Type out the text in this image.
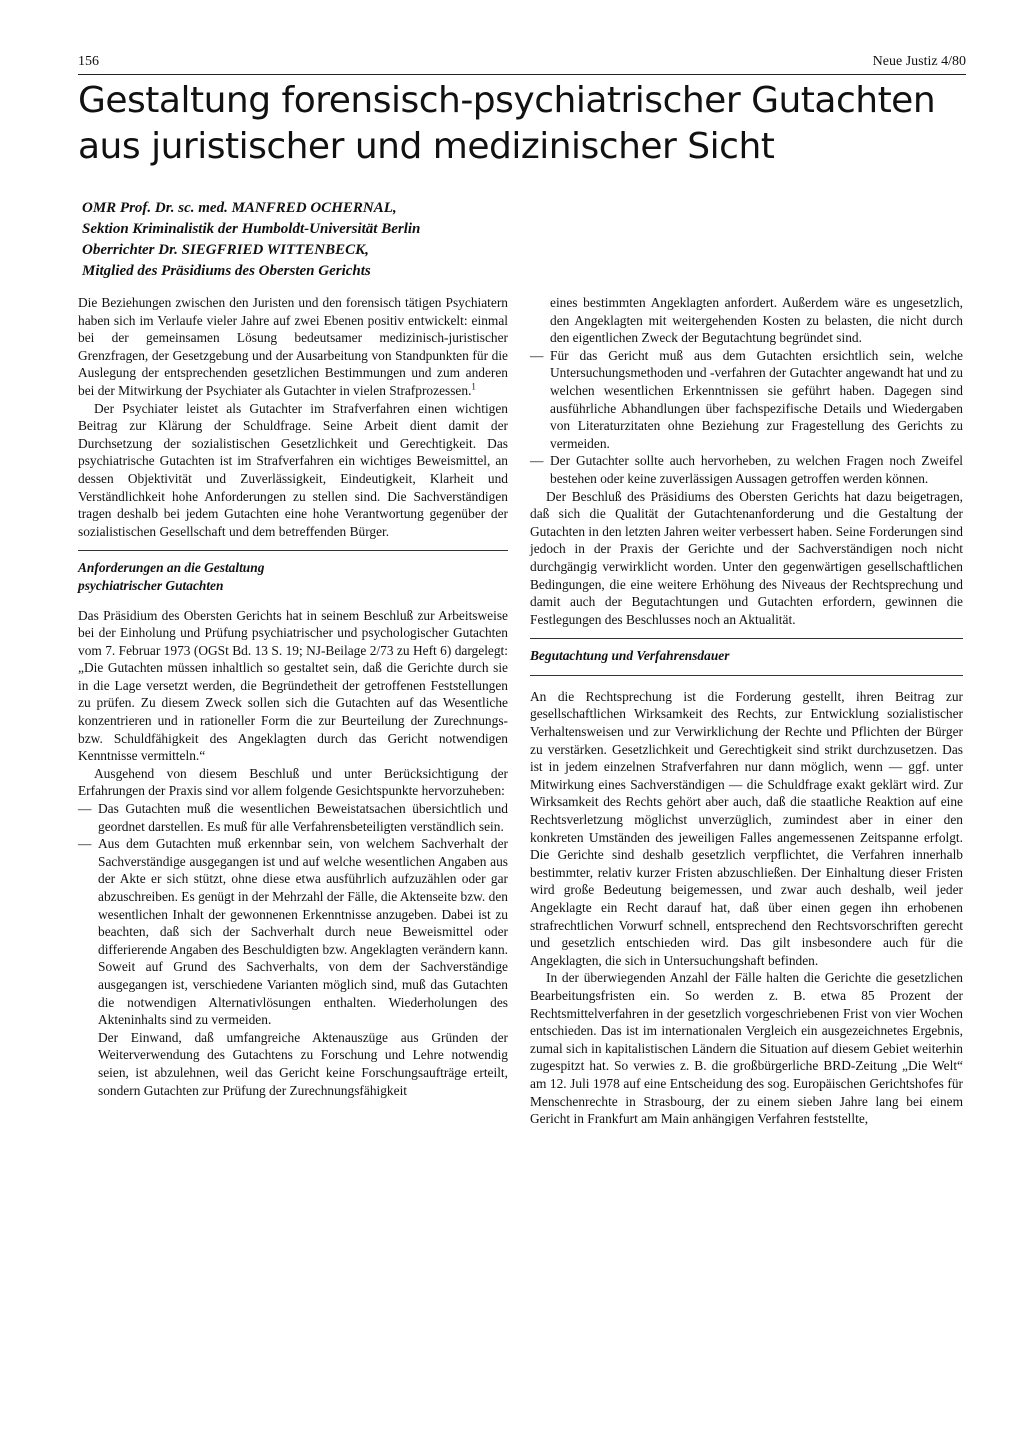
156	Neue Justiz 4/80
Gestaltung forensisch-psychiatrischer Gutachten
aus juristischer und medizinischer Sicht
OMR Prof. Dr. sc. med. MANFRED OCHERNAL,
Sektion Kriminalistik der Humboldt-Universität Berlin
Oberrichter Dr. SIEGFRIED WITTENBECK,
Mitglied des Präsidiums des Obersten Gerichts

Die Beziehungen zwischen den Juristen und den forensisch tätigen Psychiatern haben sich im Verlaufe vieler Jahre auf zwei Ebenen positiv entwickelt: einmal bei der gemeinsamen Lösung bedeutsamer medizinisch-juristischer Grenzfragen, der Gesetzgebung und der Ausarbeitung von Standpunkten für die Auslegung der entsprechenden gesetzlichen Bestimmungen und zum anderen bei der Mitwirkung der Psychiater als Gutachter in vielen Strafprozessen.$^1$

Der Psychiater leistet als Gutachter im Strafverfahren einen wichtigen Beitrag zur Klärung der Schuldfrage. Seine Arbeit dient damit der Durchsetzung der sozialistischen Gesetzlichkeit und Gerechtigkeit. Das psychiatrische Gutachten ist im Strafverfahren ein wichtiges Beweismittel, an dessen Objektivität und Zuverlässigkeit, Eindeutigkeit, Klarheit und Verständlichkeit hohe Anforderungen zu stellen sind. Die Sachverständigen tragen deshalb bei jedem Gutachten eine hohe Verantwortung gegenüber der sozialistischen Gesellschaft und dem betreffenden Bürger.

Anforderungen an die Gestaltung
psychiatrischer Gutachten

Das Präsidium des Obersten Gerichts hat in seinem Beschluß zur Arbeitsweise bei der Einholung und Prüfung psychiatrischer und psychologischer Gutachten vom 7. Februar 1973 (OGSt Bd. 13 S. 19; NJ-Beilage 2/73 zu Heft 6) dargelegt: „Die Gutachten müssen inhaltlich so gestaltet sein, daß die Gerichte durch sie in die Lage versetzt werden, die Begründetheit der getroffenen Feststellungen zu prüfen. Zu diesem Zweck sollen sich die Gutachten auf das Wesentliche konzentrieren und in rationeller Form die zur Beurteilung der Zurechnungs- bzw. Schuldfähigkeit des Angeklagten durch das Gericht notwendigen Kenntnisse vermitteln.“

Ausgehend von diesem Beschluß und unter Berücksichtigung der Erfahrungen der Praxis sind vor allem folgende Gesichtspunkte hervorzuheben:

— Das Gutachten muß die wesentlichen Beweistatsachen übersichtlich und geordnet darstellen. Es muß für alle Verfahrensbeteiligten verständlich sein.

— Aus dem Gutachten muß erkennbar sein, von welchem Sachverhalt der Sachverständige ausgegangen ist und auf welche wesentlichen Angaben aus der Akte er sich stützt, ohne diese etwa ausführlich aufzuzählen oder gar abzuschreiben. Es genügt in der Mehrzahl der Fälle, die Aktenseite bzw. den wesentlichen Inhalt der gewonnenen Erkenntnisse anzugeben. Dabei ist zu beachten, daß sich der Sachverhalt durch neue Beweismittel oder differierende Angaben des Beschuldigten bzw. Angeklagten verändern kann. Soweit auf Grund des Sachverhalts, von dem der Sachverständige ausgegangen ist, verschiedene Varianten möglich sind, muß das Gutachten die notwendigen Alternativlösungen enthalten. Wiederholungen des Akteninhalts sind zu vermeiden.

Der Einwand, daß umfangreiche Aktenauszüge aus Gründen der Weiterverwendung des Gutachtens zu Forschung und Lehre notwendig seien, ist abzulehnen, weil das Gericht keine Forschungsaufträge erteilt, sondern Gutachten zur Prüfung der Zurechnungsfähigkeit

eines bestimmten Angeklagten anfordert. Außerdem wäre es ungesetzlich, den Angeklagten mit weitergehenden Kosten zu belasten, die nicht durch den eigentlichen Zweck der Begutachtung begründet sind.

— Für das Gericht muß aus dem Gutachten ersichtlich sein, welche Untersuchungsmethoden und -verfahren der Gutachter angewandt hat und zu welchen wesentlichen Erkenntnissen sie geführt haben. Dagegen sind ausführliche Abhandlungen über fachspezifische Details und Wiedergaben von Literaturzitaten ohne Beziehung zur Fragestellung des Gerichts zu vermeiden.

— Der Gutachter sollte auch hervorheben, zu welchen Fragen noch Zweifel bestehen oder keine zuverlässigen Aussagen getroffen werden können.

Der Beschluß des Präsidiums des Obersten Gerichts hat dazu beigetragen, daß sich die Qualität der Gutachtenanforderung und die Gestaltung der Gutachten in den letzten Jahren weiter verbessert haben. Seine Forderungen sind jedoch in der Praxis der Gerichte und der Sachverständigen noch nicht durchgängig verwirklicht worden. Unter den gegenwärtigen gesellschaftlichen Bedingungen, die eine weitere Erhöhung des Niveaus der Rechtsprechung und damit auch der Begutachtungen und Gutachten erfordern, gewinnen die Festlegungen des Beschlusses noch an Aktualität.

Begutachtung und Verfahrensdauer

An die Rechtsprechung ist die Forderung gestellt, ihren Beitrag zur gesellschaftlichen Wirksamkeit des Rechts, zur Entwicklung sozialistischer Verhaltensweisen und zur Verwirklichung der Rechte und Pflichten der Bürger zu verstärken. Gesetzlichkeit und Gerechtigkeit sind strikt durchzusetzen. Das ist in jedem einzelnen Strafverfahren nur dann möglich, wenn — ggf. unter Mitwirkung eines Sachverständigen — die Schuldfrage exakt geklärt wird. Zur Wirksamkeit des Rechts gehört aber auch, daß die staatliche Reaktion auf eine Rechtsverletzung möglichst unverzüglich, zumindest aber in einer den konkreten Umständen des jeweiligen Falles angemessenen Zeitspanne erfolgt. Die Gerichte sind deshalb gesetzlich verpflichtet, die Verfahren innerhalb bestimmter, relativ kurzer Fristen abzuschließen. Der Einhaltung dieser Fristen wird große Bedeutung beigemessen, und zwar auch deshalb, weil jeder Angeklagte ein Recht darauf hat, daß über einen gegen ihn erhobenen strafrechtlichen Vorwurf schnell, entsprechend den Rechtsvorschriften gerecht und gesetzlich entschieden wird. Das gilt insbesondere auch für die Angeklagten, die sich in Untersuchungshaft befinden.

In der überwiegenden Anzahl der Fälle halten die Gerichte die gesetzlichen Bearbeitungsfristen ein. So werden z. B. etwa 85 Prozent der Rechtsmittelverfahren in der gesetzlich vorgeschriebenen Frist von vier Wochen entschieden. Das ist im internationalen Vergleich ein ausgezeichnetes Ergebnis, zumal sich in kapitalistischen Ländern die Situation auf diesem Gebiet weiterhin zugespitzt hat. So verwies z. B. die großbürgerliche BRD-Zeitung „Die Welt“ am 12. Juli 1978 auf eine Entscheidung des sog. Europäischen Gerichtshofes für Menschenrechte in Strasbourg, der zu einem sieben Jahre lang bei einem Gericht in Frankfurt am Main anhängigen Verfahren feststellte,
